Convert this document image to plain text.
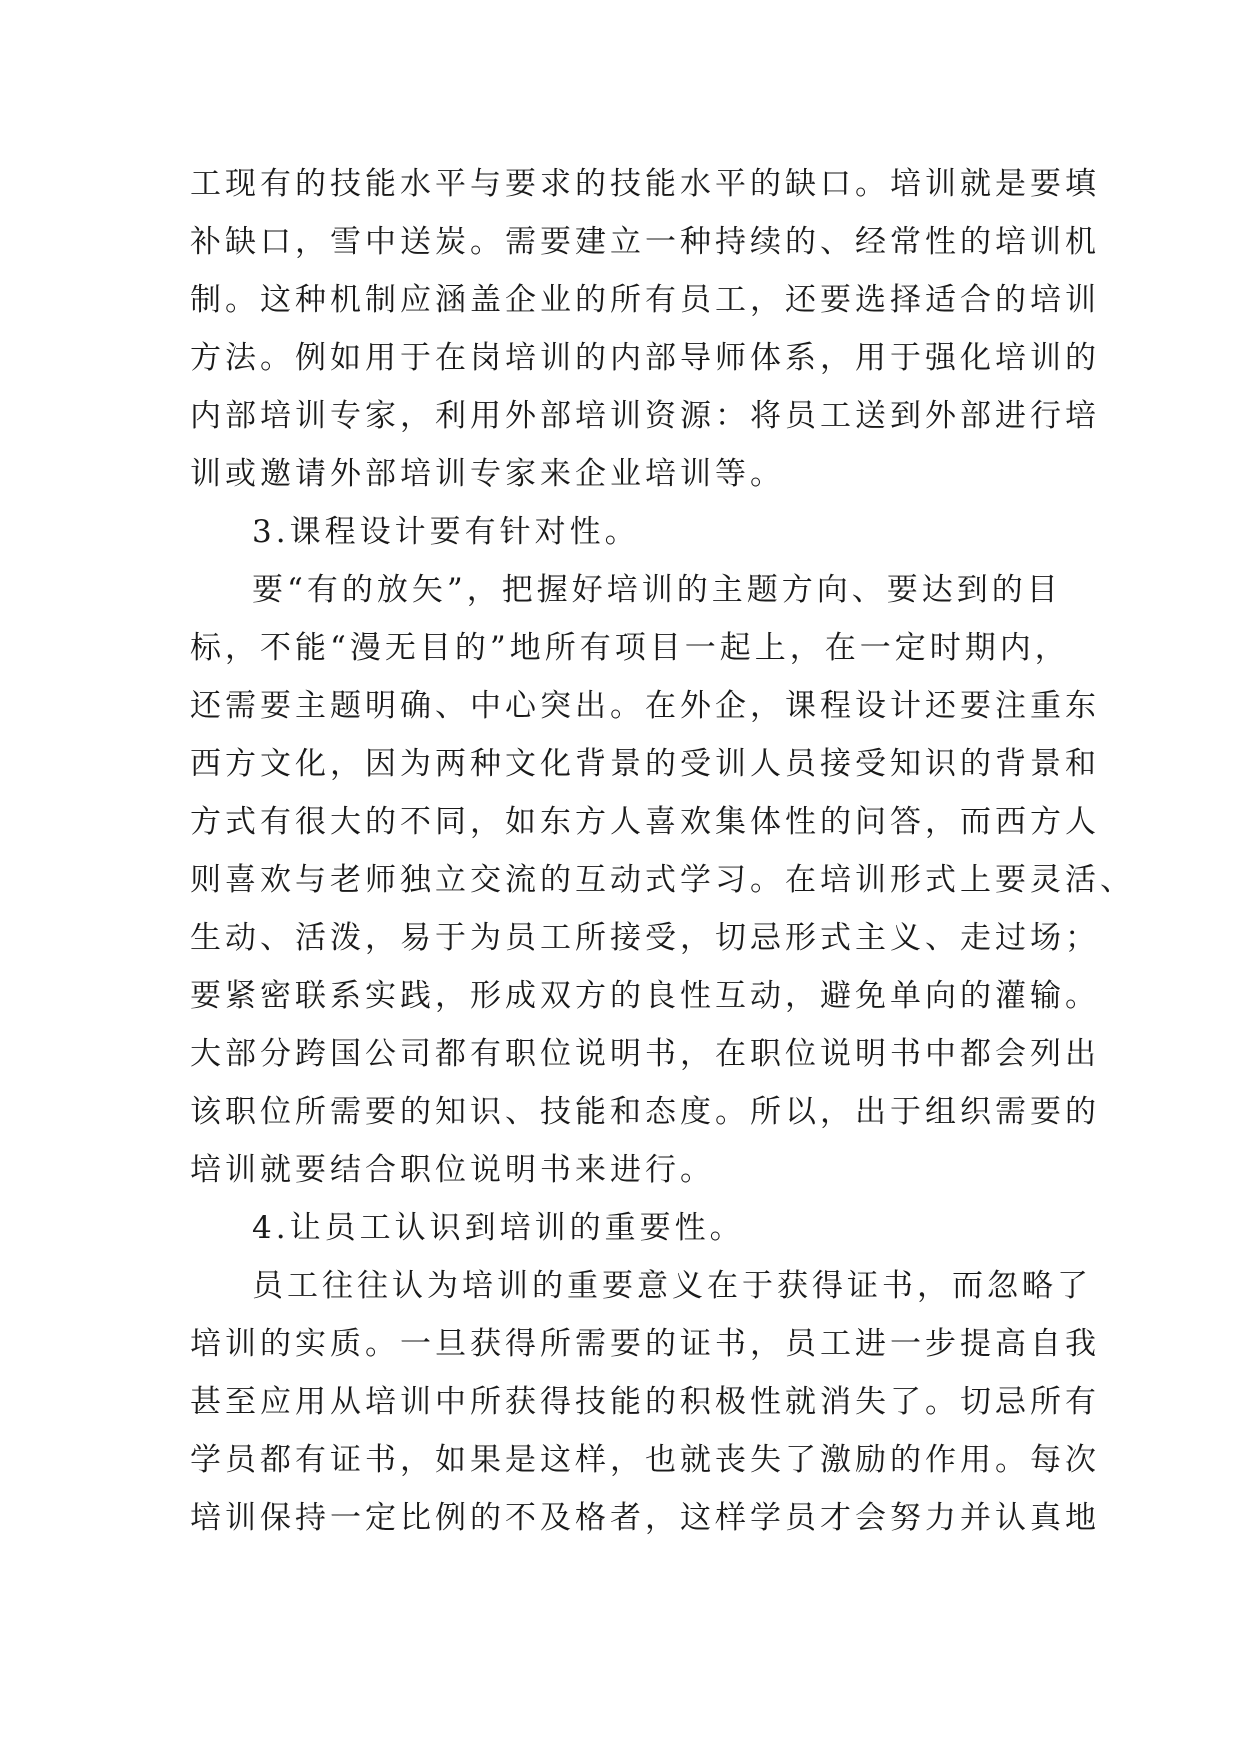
工现有的技能水平与要求的技能水平的缺口。培训就是要填
补缺口，雪中送炭。需要建立一种持续的、经常性的培训机
制。这种机制应涵盖企业的所有员工，还要选择适合的培训
方法。例如用于在岗培训的内部导师体系，用于强化培训的
内部培训专家，利用外部培训资源：将员工送到外部进行培
训或邀请外部培训专家来企业培训等。
3.课程设计要有针对性。
要“有的放矢”，把握好培训的主题方向、要达到的目
标，不能“漫无目的”地所有项目一起上，在一定时期内，
还需要主题明确、中心突出。在外企，课程设计还要注重东
西方文化，因为两种文化背景的受训人员接受知识的背景和
方式有很大的不同，如东方人喜欢集体性的问答，而西方人
则喜欢与老师独立交流的互动式学习。在培训形式上要灵活、
生动、活泼，易于为员工所接受，切忌形式主义、走过场；
要紧密联系实践，形成双方的良性互动，避免单向的灌输。
大部分跨国公司都有职位说明书，在职位说明书中都会列出
该职位所需要的知识、技能和态度。所以，出于组织需要的
培训就要结合职位说明书来进行。
4.让员工认识到培训的重要性。
员工往往认为培训的重要意义在于获得证书，而忽略了
培训的实质。一旦获得所需要的证书，员工进一步提高自我
甚至应用从培训中所获得技能的积极性就消失了。切忌所有
学员都有证书，如果是这样，也就丧失了激励的作用。每次
培训保持一定比例的不及格者，这样学员才会努力并认真地
